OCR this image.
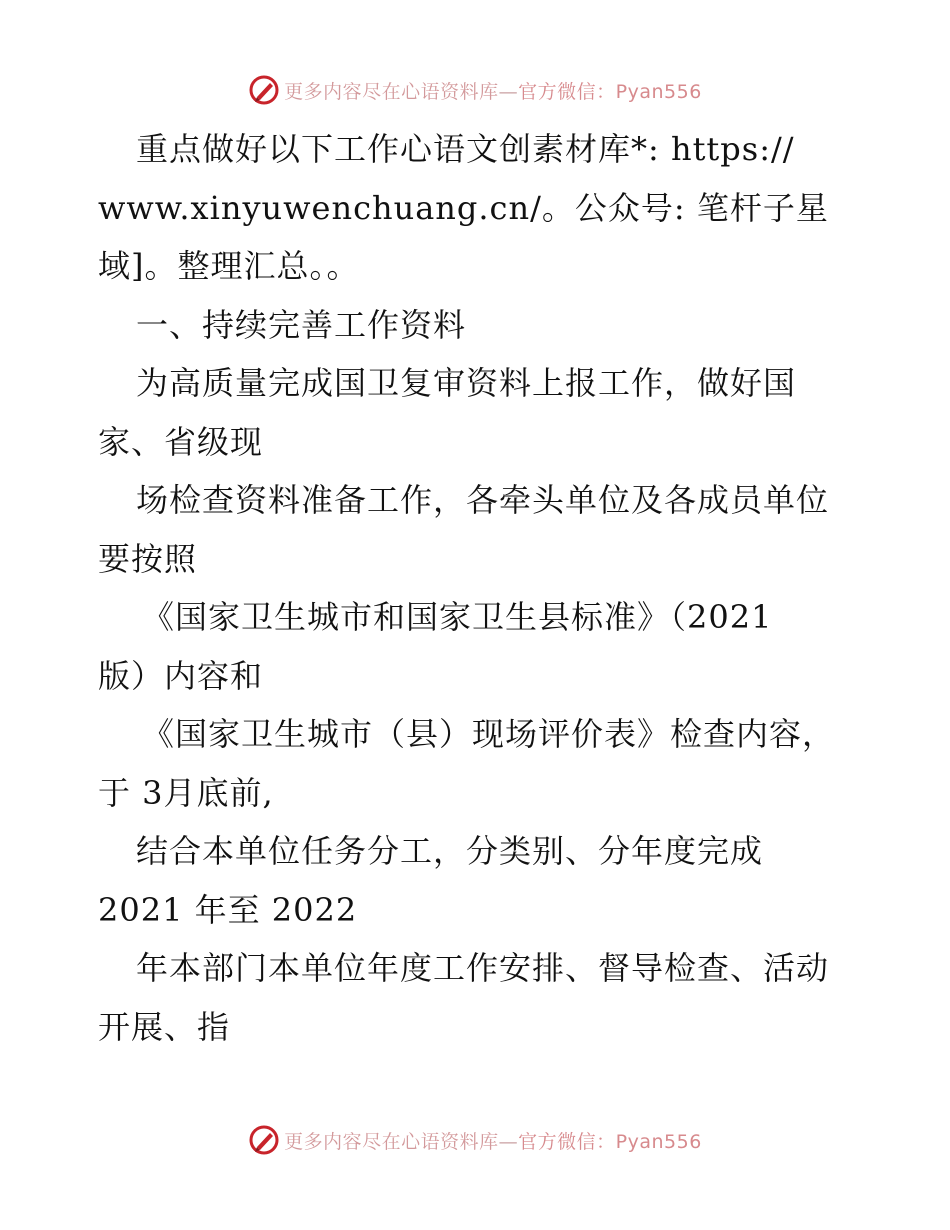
更多内容尽在心语资料库—官方微信：Pyan556
重点做好以下工作心语文创素材库*: https://
www.xinyuwenchuang.cn/。公众号: 笔杆子星
域]。整理汇总。。
一、持续完善工作资料
为高质量完成国卫复审资料上报工作，做好国
家、省级现
场检查资料准备工作，各牵头单位及各成员单位
要按照
《国家卫生城市和国家卫生县标准》（2021
版）内容和
《国家卫生城市（县）现场评价表》检查内容，
于 3月底前,
结合本单位任务分工，分类别、分年度完成
2021 年至 2022
年本部门本单位年度工作安排、督导检查、活动
开展、指
更多内容尽在心语资料库—官方微信：Pyan556
